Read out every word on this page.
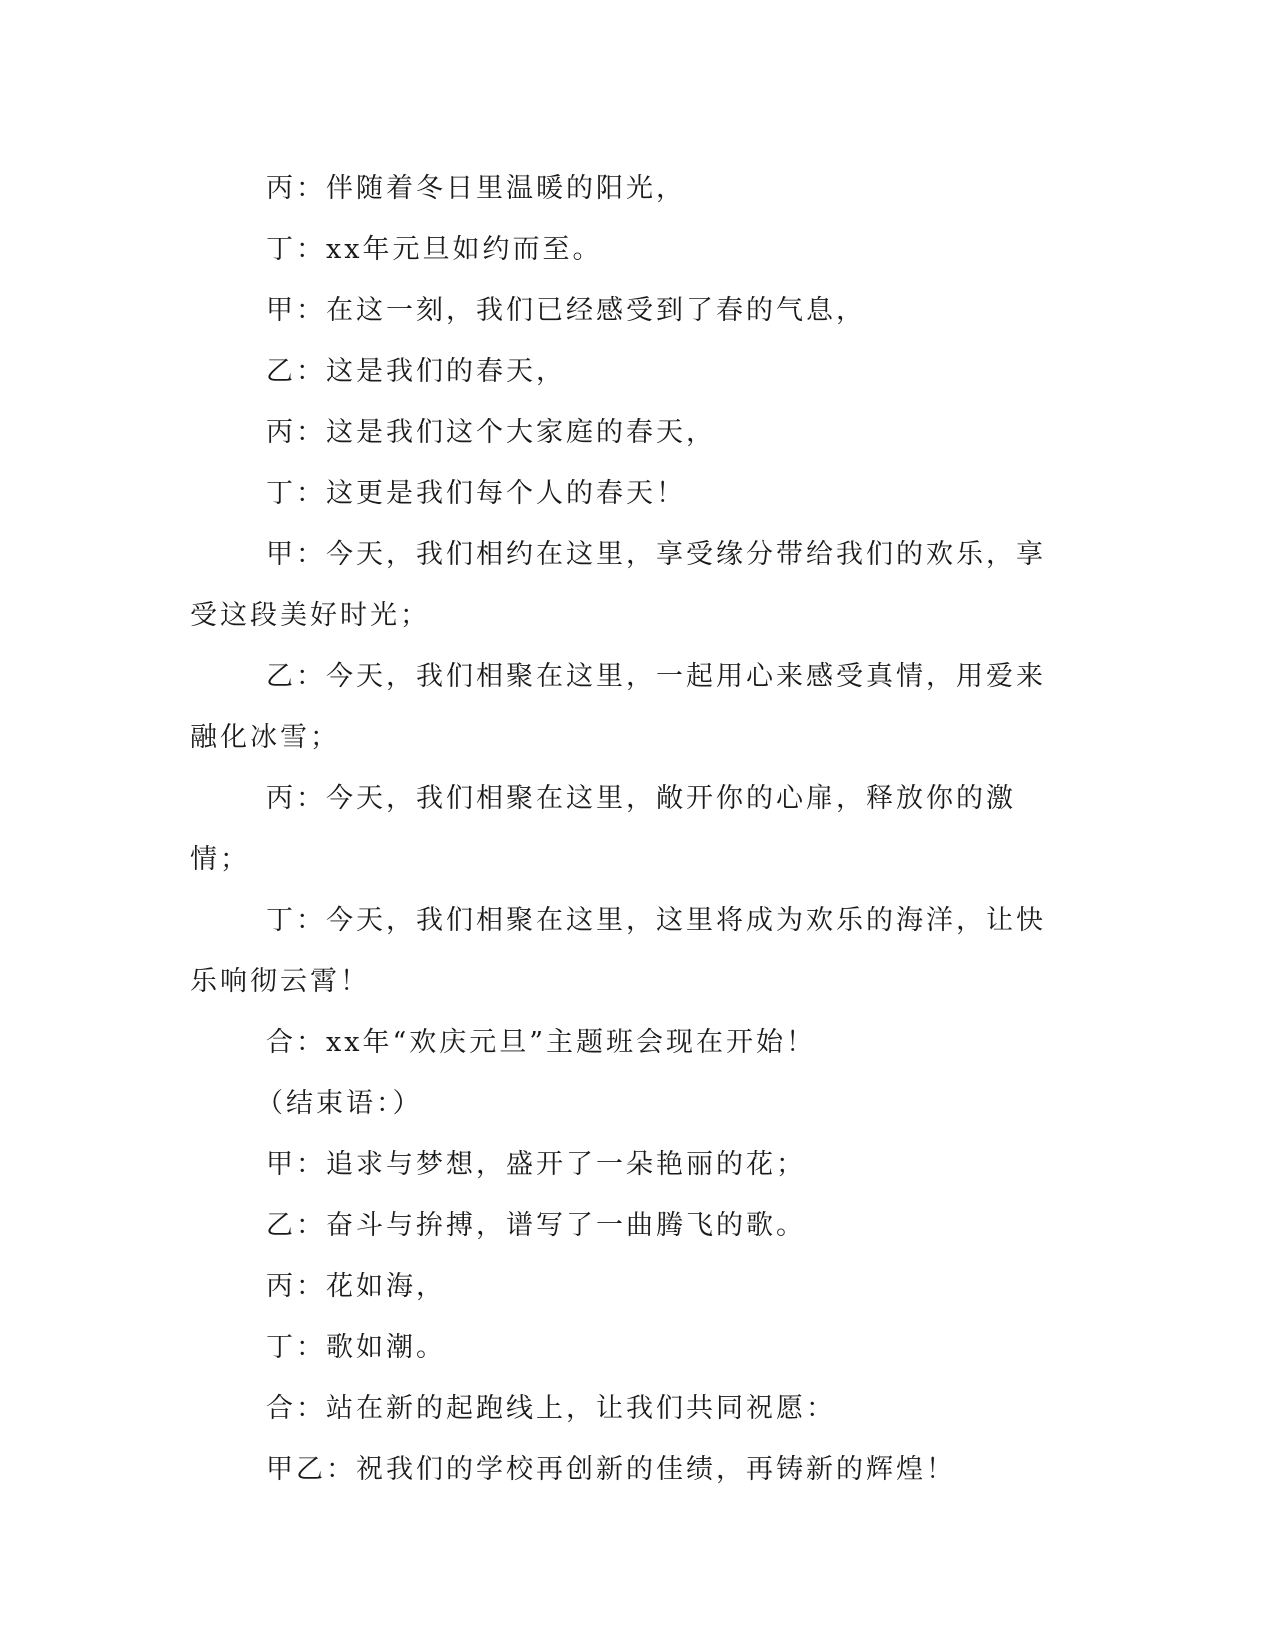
丙：伴随着冬日里温暖的阳光，

丁：xx年元旦如约而至。

甲：在这一刻，我们已经感受到了春的气息，

乙：这是我们的春天，

丙：这是我们这个大家庭的春天，

丁：这更是我们每个人的春天！

甲：今天，我们相约在这里，享受缘分带给我们的欢乐，享受这段美好时光；

乙：今天，我们相聚在这里，一起用心来感受真情，用爱来融化冰雪；

丙：今天，我们相聚在这里，敞开你的心扉，释放你的激情；

丁：今天，我们相聚在这里，这里将成为欢乐的海洋，让快乐响彻云霄！

合：xx年“欢庆元旦”主题班会现在开始！

（结束语：）

甲：追求与梦想，盛开了一朵艳丽的花；

乙：奋斗与拚搏，谱写了一曲腾飞的歌。

丙：花如海，

丁：歌如潮。

合：站在新的起跑线上，让我们共同祝愿：

甲乙：祝我们的学校再创新的佳绩，再铸新的辉煌！
